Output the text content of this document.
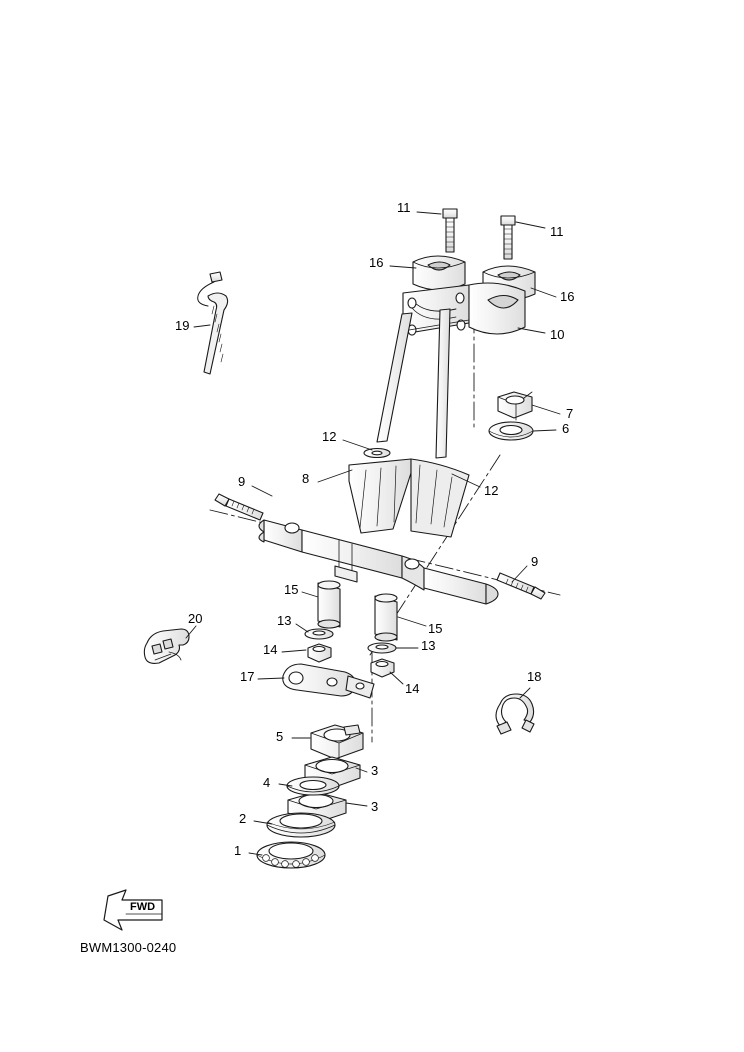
1
2
3
3
4
5
6
7
8
9
9
10
11
11
12
12
13
13
14
14
15
15
16
16
17	18
19
20
FWD
BWM1300-0240
